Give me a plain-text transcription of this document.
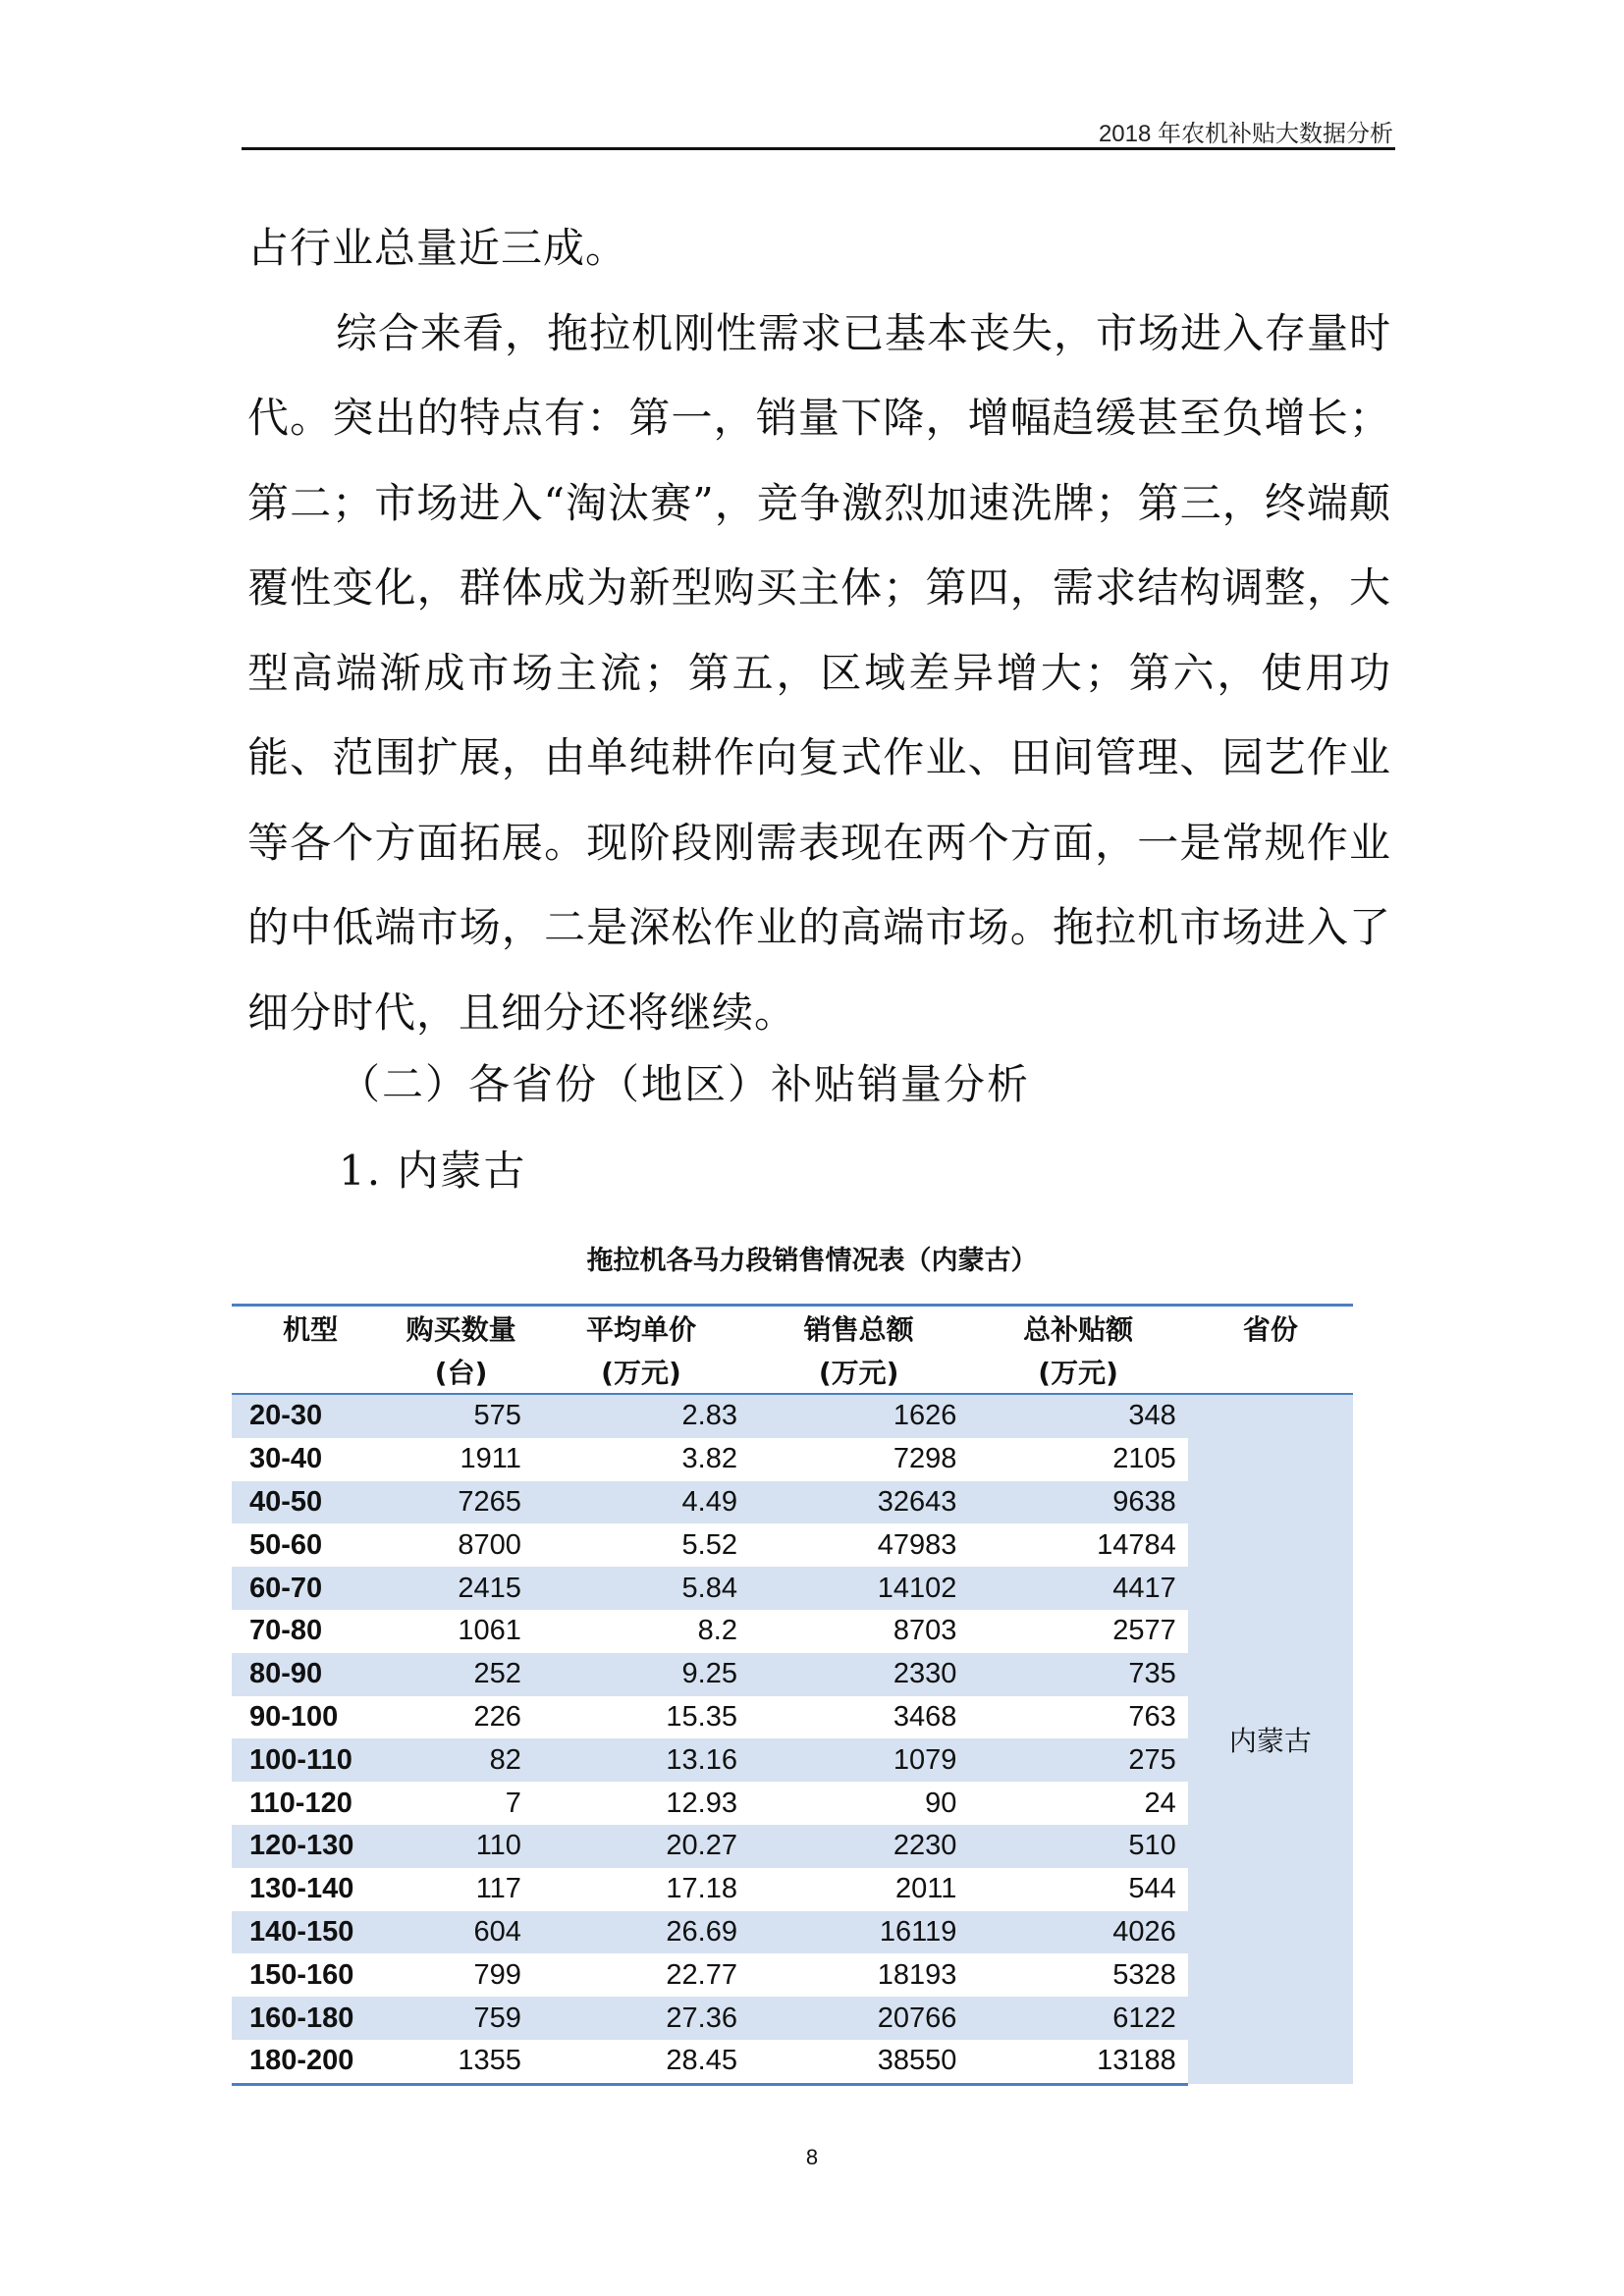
2018 年农机补贴大数据分析

占行业总量近三成。

综合来看，拖拉机刚性需求已基本丧失，市场进入存量时代。突出的特点有：第一，销量下降，增幅趋缓甚至负增长；第二；市场进入“淘汰赛”，竞争激烈加速洗牌；第三，终端颠覆性变化，群体成为新型购买主体；第四，需求结构调整，大型高端渐成市场主流；第五，区域差异增大；第六，使用功能、范围扩展，由单纯耕作向复式作业、田间管理、园艺作业等各个方面拓展。现阶段刚需表现在两个方面，一是常规作业的中低端市场，二是深松作业的高端市场。拖拉机市场进入了细分时代，且细分还将继续。

（二）各省份（地区）补贴销量分析
1. 内蒙古
拖拉机各马力段销售情况表（内蒙古）
机型	购买数量	平均单价	销售总额	总补贴额	省份
	(台)	(万元)	(万元)	(万元)	
20-30	575	2.83	1626	348	内蒙古
30-40	1911	3.82	7298	2105	
40-50	7265	4.49	32643	9638	
50-60	8700	5.52	47983	14784	
60-70	2415	5.84	14102	4417	
70-80	1061	8.2	8703	2577	
80-90	252	9.25	2330	735	
90-100	226	15.35	3468	763	
100-110	82	13.16	1079	275	
110-120	7	12.93	90	24	
120-130	110	20.27	2230	510	
130-140	117	17.18	2011	544	
140-150	604	26.69	16119	4026	
150-160	799	22.77	18193	5328	
160-180	759	27.36	20766	6122	
180-200	1355	28.45	38550	13188	
8
